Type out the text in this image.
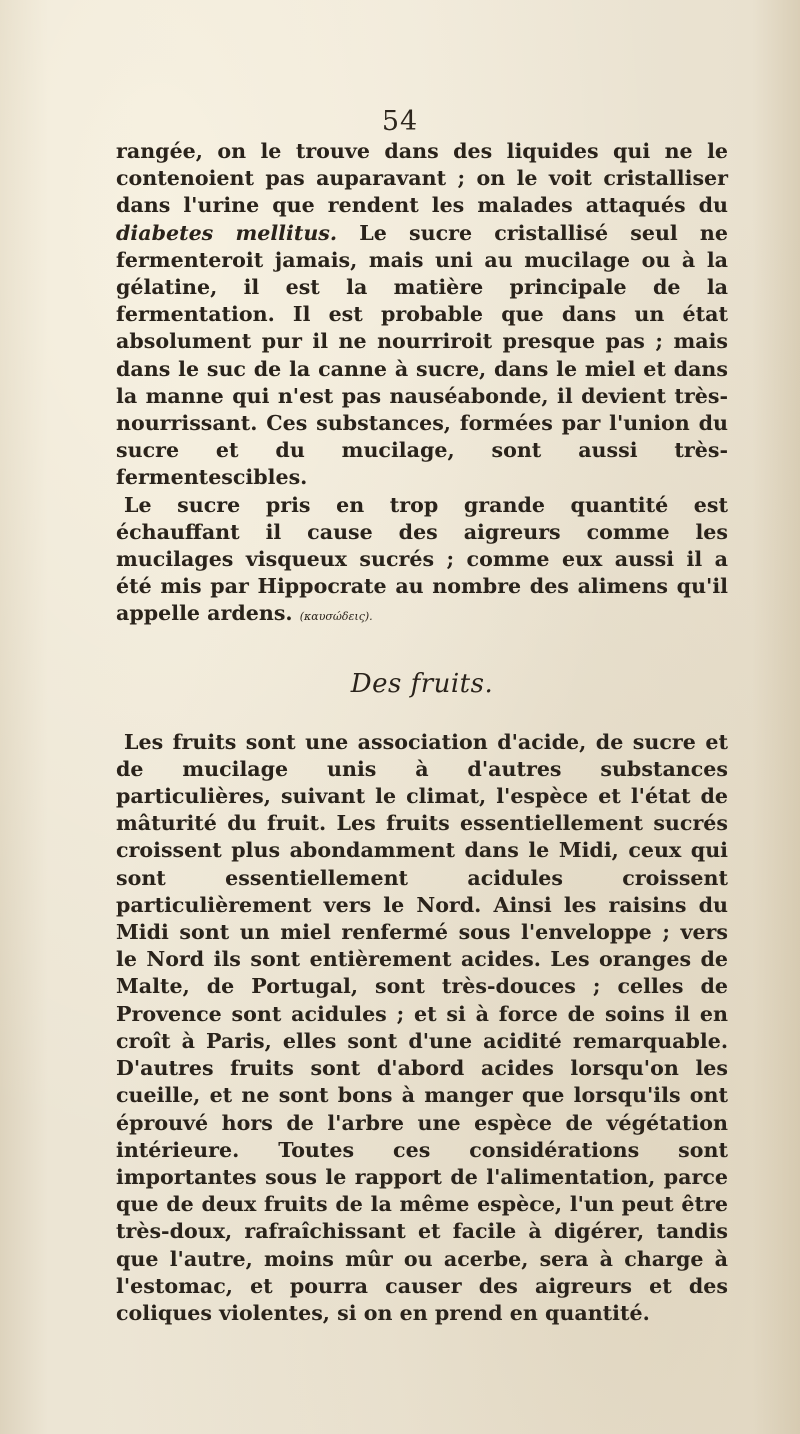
54

rangée, on le trouve dans des liquides qui ne le contenoient pas auparavant ; on le voit cristalliser dans l'urine que rendent les malades attaqués du diabetes mellitus. Le sucre cristallisé seul ne fermenteroit jamais, mais uni au mucilage ou à la gélatine, il est la matière principale de la fermentation. Il est probable que dans un état absolument pur il ne nourriroit presque pas ; mais dans le suc de la canne à sucre, dans le miel et dans la manne qui n'est pas nauséabonde, il devient très-nourrissant. Ces substances, formées par l'union du sucre et du mucilage, sont aussi très-fermentescibles.

Le sucre pris en trop grande quantité est échauffant il cause des aigreurs comme les mucilages visqueux sucrés ; comme eux aussi il a été mis par Hippocrate au nombre des alimens qu'il appelle ardens. (καυσώδεις).

Des fruits.

Les fruits sont une association d'acide, de sucre et de mucilage unis à d'autres substances particulières, suivant le climat, l'espèce et l'état de mâturité du fruit. Les fruits essentiellement sucrés croissent plus abondamment dans le Midi, ceux qui sont essentiellement acidules croissent particulièrement vers le Nord. Ainsi les raisins du Midi sont un miel renfermé sous l'enveloppe ; vers le Nord ils sont entièrement acides. Les oranges de Malte, de Portugal, sont très-douces ; celles de Provence sont acidules ; et si à force de soins il en croît à Paris, elles sont d'une acidité remarquable. D'autres fruits sont d'abord acides lorsqu'on les cueille, et ne sont bons à manger que lorsqu'ils ont éprouvé hors de l'arbre une espèce de végétation intérieure. Toutes ces considérations sont importantes sous le rapport de l'alimentation, parce que de deux fruits de la même espèce, l'un peut être très-doux, rafraîchissant et facile à digérer, tandis que l'autre, moins mûr ou acerbe, sera à charge à l'estomac, et pourra causer des aigreurs et des coliques violentes, si on en prend en quantité.
